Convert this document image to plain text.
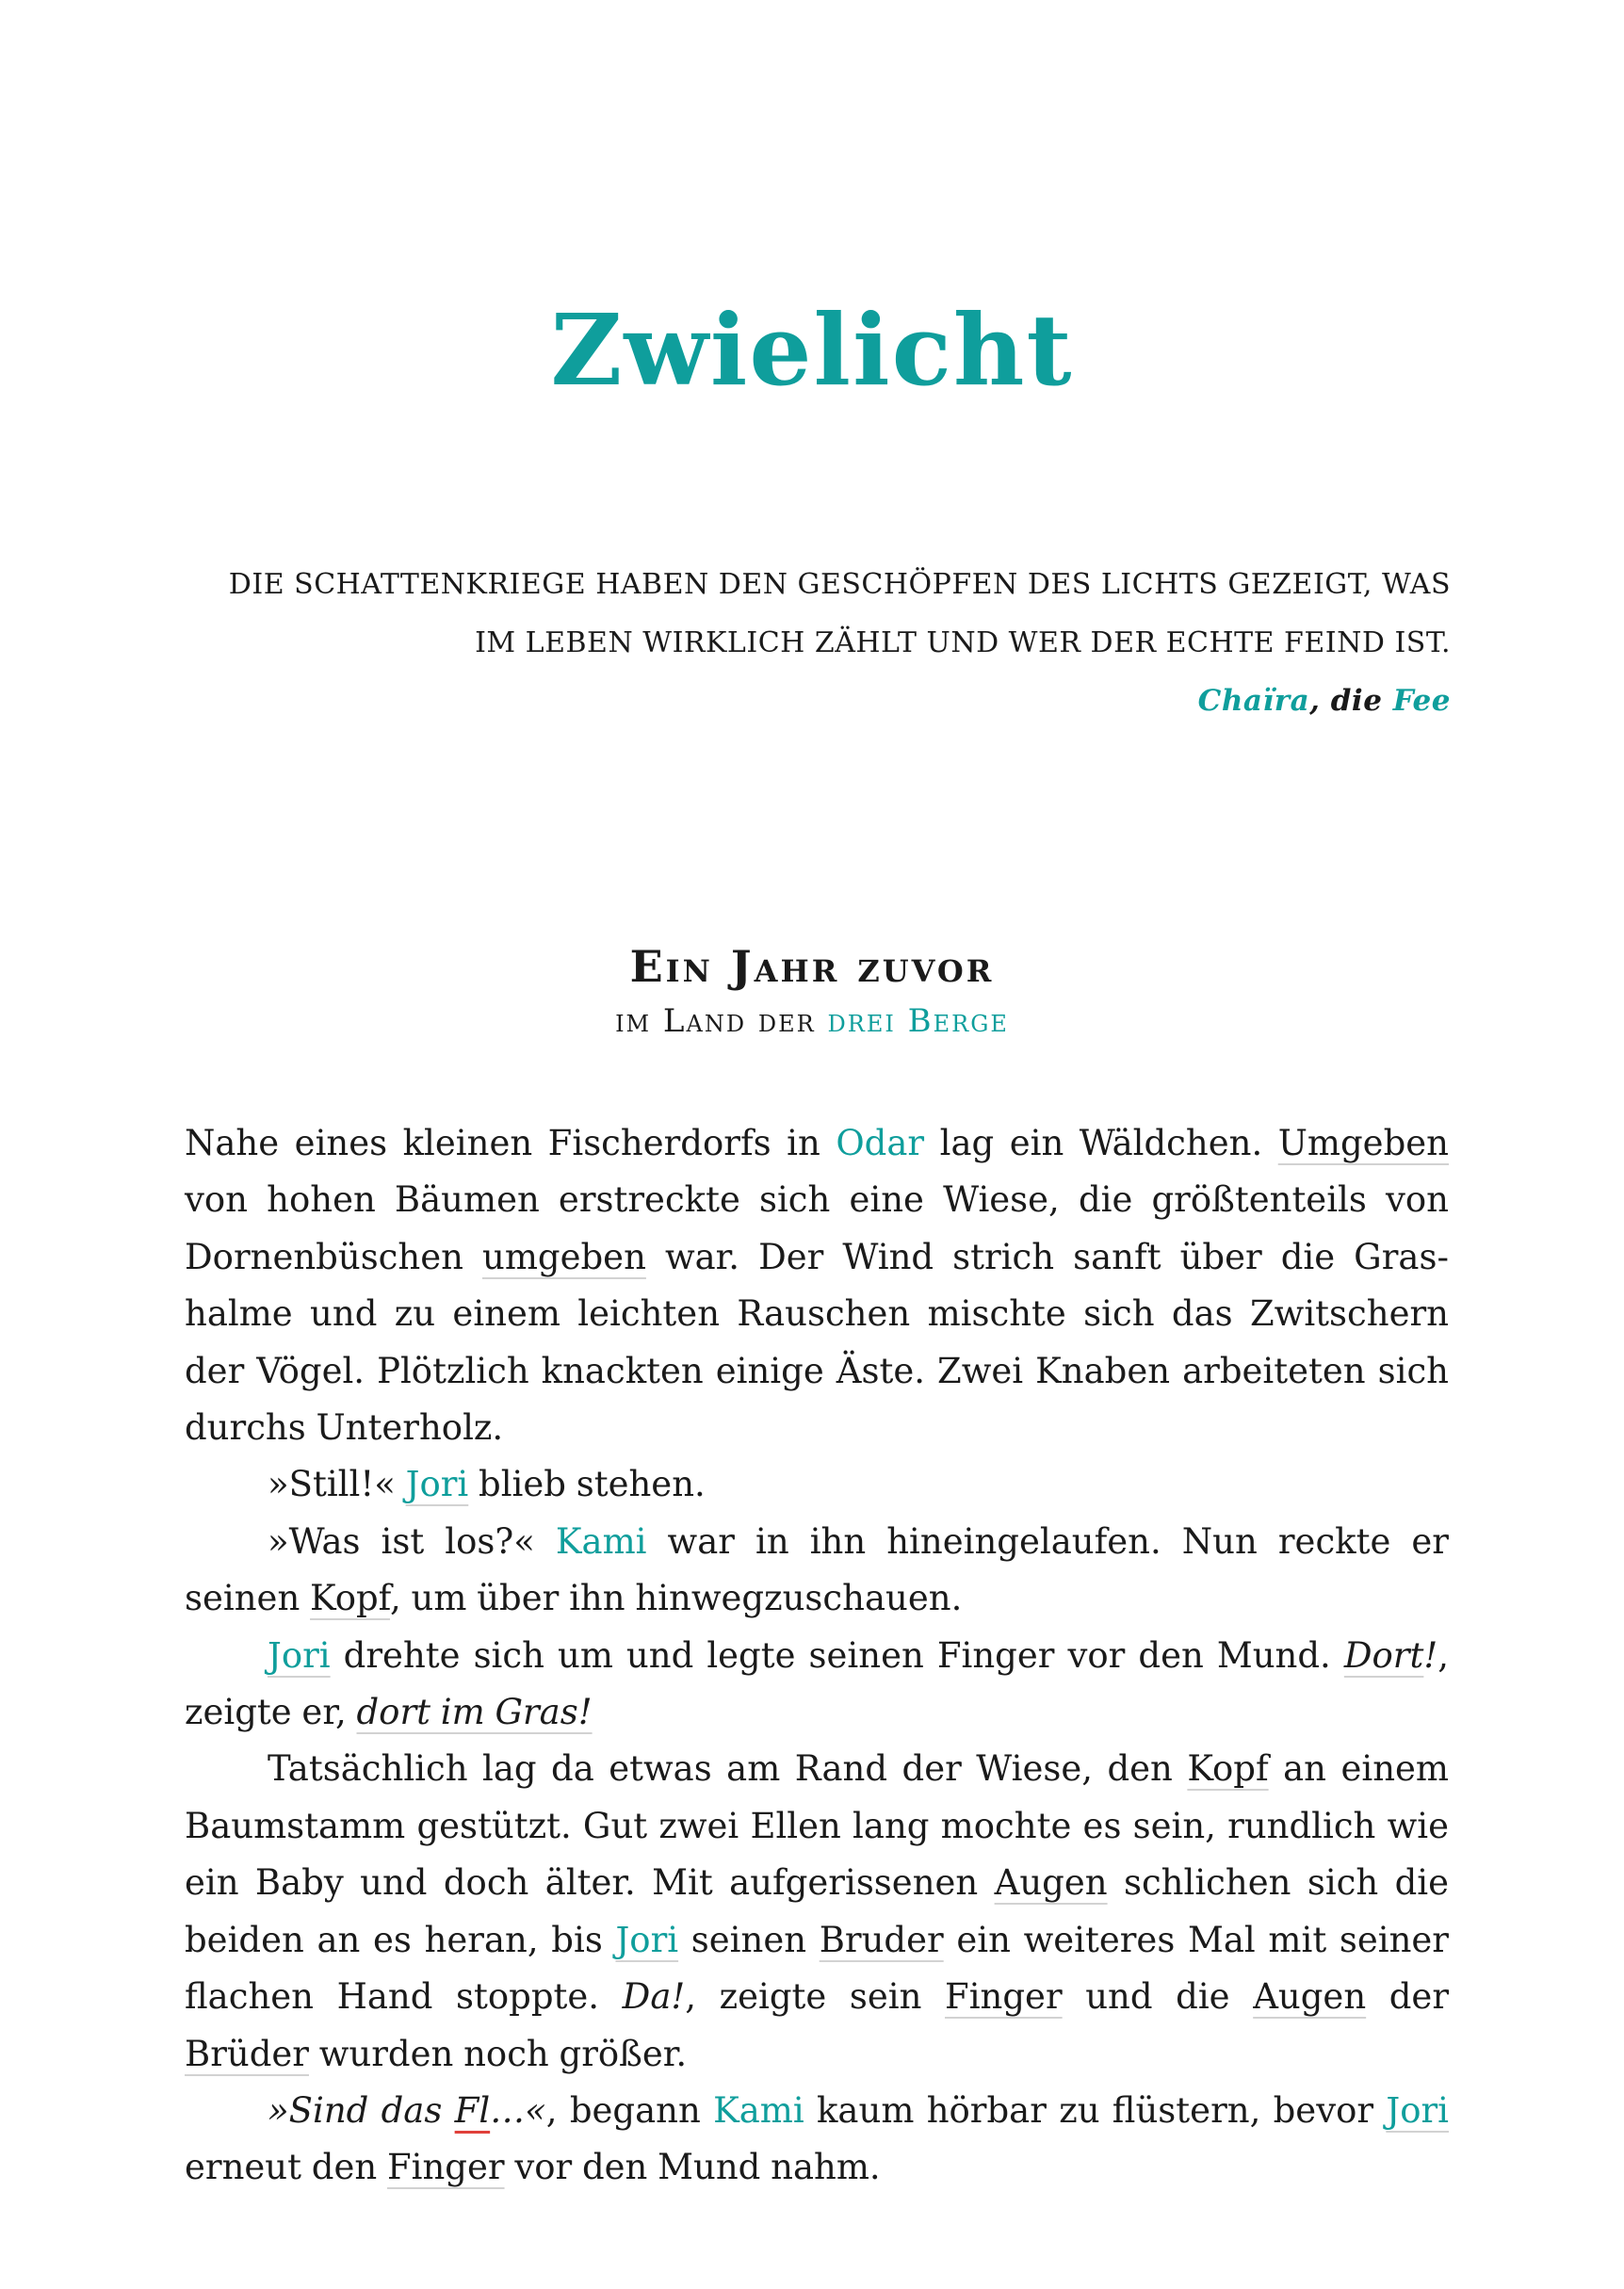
Zwielicht
DIE SCHATTENKRIEGE HABEN DEN GESCHÖPFEN DES LICHTS GEZEIGT, WAS
IM LEBEN WIRKLICH ZÄHLT UND WER DER ECHTE FEIND IST.
Chaïra, die Fee
Ein Jahr zuvor
im Land der drei Berge

Nahe eines kleinen Fischerdorfs in Odar lag ein Wäldchen. Umgeben von hohen Bäumen erstreckte sich eine Wiese, die größtenteils von Dornenbüschen umgeben war. Der Wind strich sanft über die Grashalme und zu einem leichten Rauschen mischte sich das Zwitschern der Vögel. Plötzlich knackten einige Äste. Zwei Knaben arbeiteten sich durchs Unterholz.

»Still!« Jori blieb stehen.

»Was ist los?« Kami war in ihn hineingelaufen. Nun reckte er seinen Kopf, um über ihn hinwegzuschauen.

Jori drehte sich um und legte seinen Finger vor den Mund. Dort!, zeigte er, dort im Gras!

Tatsächlich lag da etwas am Rand der Wiese, den Kopf an einem Baumstamm gestützt. Gut zwei Ellen lang mochte es sein, rundlich wie ein Baby und doch älter. Mit aufgerissenen Augen schlichen sich die beiden an es heran, bis Jori seinen Bruder ein weiteres Mal mit seiner flachen Hand stoppte. Da!, zeigte sein Finger und die Augen der Brüder wurden noch größer.

»Sind das Fl…«, begann Kami kaum hörbar zu flüstern, bevor Jori erneut den Finger vor den Mund nahm.
